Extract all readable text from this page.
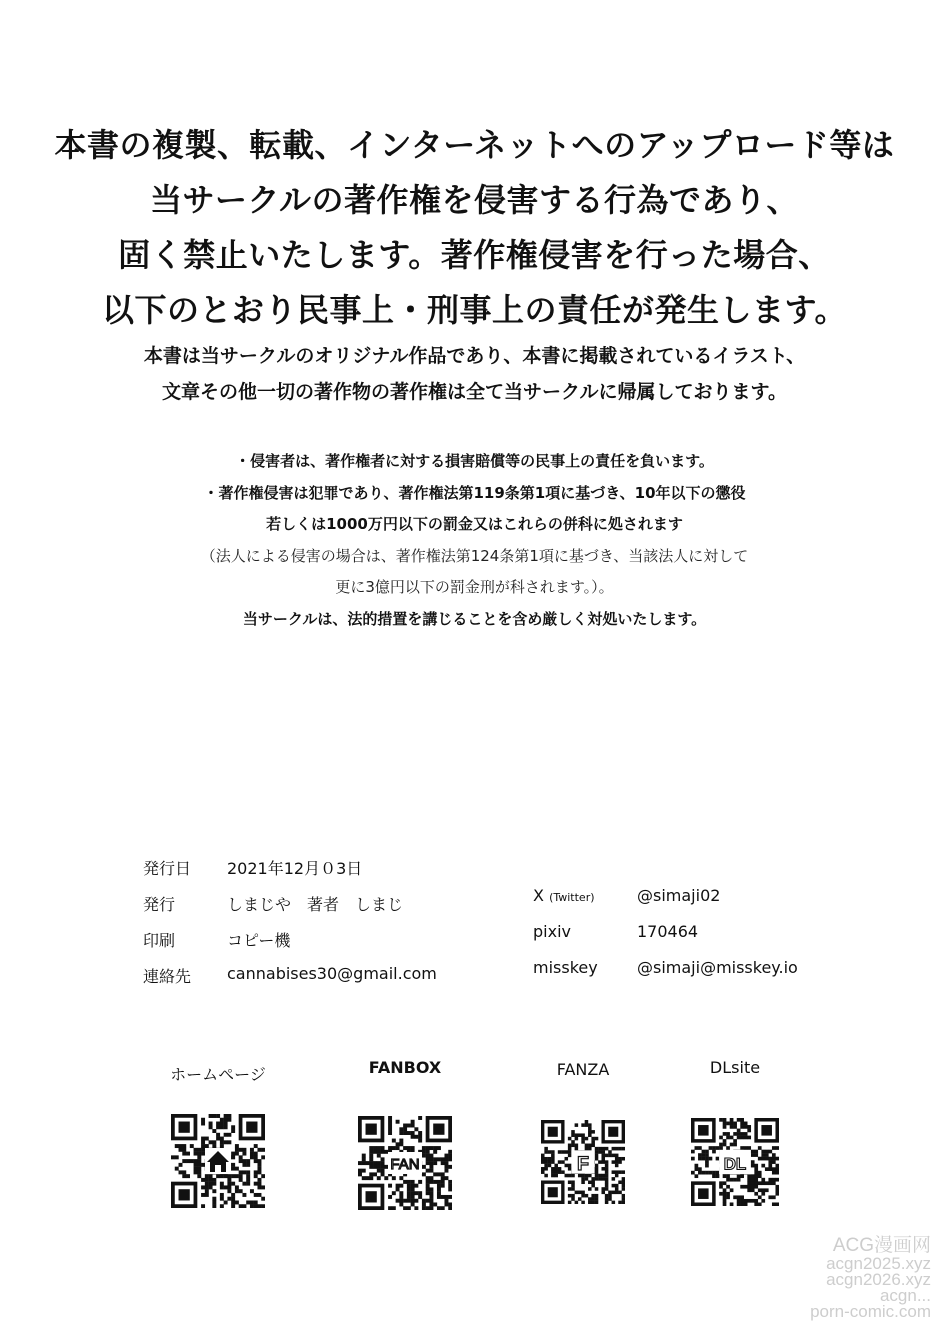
本書の複製、転載、インターネットへのアップロード等は
当サークルの著作権を侵害する行為であり、
固く禁止いたします。著作権侵害を行った場合、
以下のとおり民事上・刑事上の責任が発生します。
本書は当サークルのオリジナル作品であり、本書に掲載されているイラスト、
文章その他一切の著作物の著作権は全て当サークルに帰属しております。
・侵害者は、著作権者に対する損害賠償等の民事上の責任を負います。
・著作権侵害は犯罪であり、著作権法第119条第1項に基づき、10年以下の懲役
若しくは1000万円以下の罰金又はこれらの併科に処されます
（法人による侵害の場合は、著作権法第124条第1項に基づき、当該法人に対して
更に3億円以下の罰金刑が科されます。）。
当サークルは、法的措置を講じることを含め厳しく対処いたします。
発行日	2021年12月０3日
発行	しまじや　著者　しまじ
印刷	コピー機
連絡先	cannabises30@gmail.com
X (Twitter)	@simaji02
pixiv	170464
misskey @simaji@misskey.io
ホームページ	FANBOX
FAN
FANZA
F
DLsite
DL
ACG漫画网
acgn2025.xyz
acgn2026.xyz
acgn...
porn-comic.com
